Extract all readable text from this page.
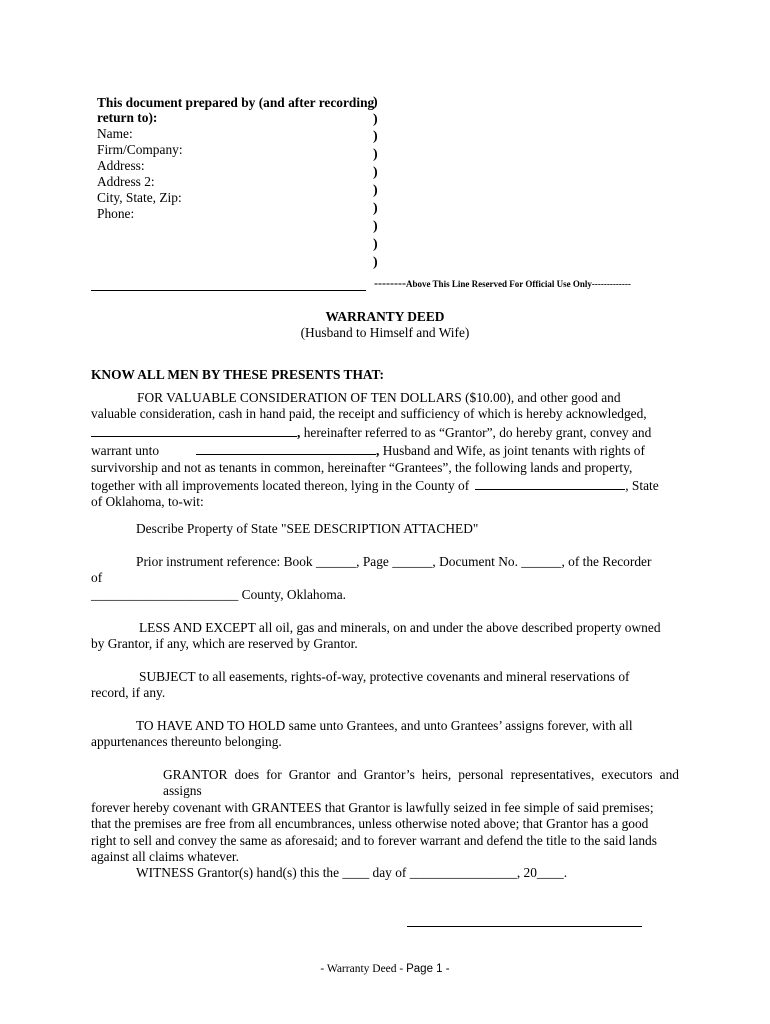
This document prepared by (and after recording
return to):
Name:
Firm/Company:
Address:
Address 2:
City, State, Zip:
Phone:
)
)
)
)
)
)
)
)
)
)
--------Above This Line Reserved For Official Use Only-------------
WARRANTY DEED
(Husband to Himself and Wife)
KNOW ALL MEN BY THESE PRESENTS THAT:
FOR VALUABLE CONSIDERATION OF TEN DOLLARS ($10.00), and other good and
valuable consideration, cash in hand paid, the receipt and sufficiency of which is hereby acknowledged,
, hereinafter referred to as “Grantor”, do hereby grant, convey and
warrant unto	, Husband and Wife, as joint tenants with rights of
survivorship and not as tenants in common, hereinafter “Grantees”, the following lands and property,
together with all improvements located thereon, lying in the County of	, State
of Oklahoma, to-wit:
Describe Property of State "SEE DESCRIPTION ATTACHED"
Prior instrument reference: Book ______, Page ______, Document No. ______, of the Recorder
of
______________________ County, Oklahoma.
LESS AND EXCEPT all oil, gas and minerals, on and under the above described property owned
by Grantor, if any, which are reserved by Grantor.
SUBJECT to all easements, rights-of-way, protective covenants and mineral reservations of
record, if any.
TO HAVE AND TO HOLD same unto Grantees, and unto Grantees’ assigns forever, with all
appurtenances thereunto belonging.
GRANTOR does for Grantor and Grantor’s heirs, personal representatives, executors and assigns
forever hereby covenant with GRANTEES that Grantor is lawfully seized in fee simple of said premises;
that the premises are free from all encumbrances, unless otherwise noted above; that Grantor has a good
right to sell and convey the same as aforesaid; and to forever warrant and defend the title to the said lands
against all claims whatever.
WITNESS Grantor(s) hand(s) this the ____ day of ________________, 20____.
- Warranty Deed - Page 1 -
